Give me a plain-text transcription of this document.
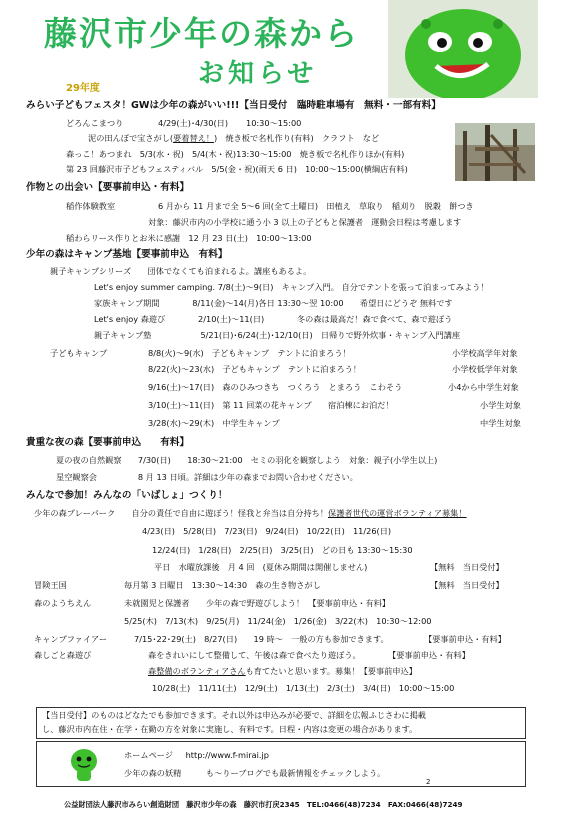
藤沢市少年の森から
お知らせ
29年度
みらい子どもフェスタ！GWは少年の森がいい!!!【当日受付　臨時駐車場有　無料・一部有料】
どろんこまつり	4/29(土)･4/30(日) 10:30～15:00
泥の田んぼで宝さがし(要着替え！)　焼き板で名札作り(有料)　クラフト　など
森っこ！あつまれ　5/3(水・祝)　5/4(木・祝)13:30～15:00　焼き板で名札作りほか(有料)
第 23 回藤沢市子どもフェスティバル　5/5(金・祝)(雨天 6 日)　10:00～15:00(横綱店有料)
作物との出会い【要事前申込・有料】
稲作体験教室	6 月から 11 月まで全 5～6 回(全て土曜日)　田植え　草取り　稲刈り　脱穀　餅つき
対象：藤沢市内の小学校に通う小 3 以上の子どもと保護者　運動会日程は考慮します
稲わらリース作りとお米に感謝　12 月 23 日(土)　10:00～13:00
少年の森はキャンプ基地【要事前申込　有料】
親子キャンプシリーズ　　団体でなくても泊まれるよ。講座もあるよ。
Let's enjoy summer camping. 7/8(土)～9(日)　キャンプ入門。 自分でテントを張って泊まってみよう！
家族キャンプ期間　　　　8/11(金)～14(月)各日 13:30～翌 10:00　　希望日にどうぞ 無料です
Let's enjoy 森遊び　　　　2/10(土)～11(日)　　　　冬の森は最高だ！森で食べて、森で遊ぼう
親子キャンプ塾　　　　　　5/21(日)･6/24(土)･12/10(日)　日帰りで野外炊事・キャンプ入門講座
子どもキャンプ	8/8(火)～9(水)　子どもキャンプ　テントに泊まろう！	小学校高学年対象
8/22(火)～23(水)　子どもキャンプ　テントに泊まろう！	小学校低学年対象
9/16(土)～17(日)　森のひみつきち　つくろう　とまろう　こわそう	小4から中学生対象
3/10(土)～11(日)　第 11 回菜の花キャンプ　　宿泊棟にお泊だ！	小学生対象
3/28(水)～29(木)　中学生キャンプ	中学生対象
貴重な夜の森【要事前申込　　有料】
夏の夜の自然観察　　7/30(日)　　18:30～21:00　セミの羽化を観察しよう　対象：親子(小学生以上)
星空観察会　　　　　8 月 13 日頃。詳細は少年の森までお問い合わせください。
みんなで参加！みんなの「いばしょ」つくり！
少年の森プレーパーク　　自分の責任で自由に遊ぼう！怪我と弁当は自分持ち！保護者世代の運営ボランティア募集！
4/23(日)　5/28(日)　7/23(日)　9/24(日)　10/22(日)　11/26(日)
12/24(日)　1/28(日)　2/25(日)　3/25(日)　どの日も 13:30～15:30
平日　水曜放課後　月 4 回　(夏休み期間は開催しません)	【無料　当日受付】
冒険王国	毎月第 3 日曜日　13:30～14:30　森の生き物さがし	【無料　当日受付】
森のようちえん	未就園児と保護者　　少年の森で野遊びしよう！　【要事前申込・有料】
5/25(木)　7/13(木)　9/25(月)　11/24(金)　1/26(金)　3/22(木)　10:30～12:00
キャンプファイアー	7/15･22･29(土)　8/27(日)　　19 時～　一般の方も参加できます。	【要事前申込・有料】
森しごと森遊び	森をきれいにして整備して、午後は森で食べたり遊ぼう。	【要事前申込・有料】
森整備のボランティアさんも育てたいと思います。募集！【要事前申込】
10/28(土)　11/11(土)　12/9(土)　1/13(土)　2/3(土)　3/4(日)　10:00～15:00
【当日受付】のものはどなたでも参加できます。それ以外は申込みが必要で、詳細を広報ふじさわに掲載
し、藤沢市内在住・在学・在勤の方を対象に実施し、有料です。日程・内容は変更の場合があります。
ホームページ http://www.f-mirai.jp
少年の森の妖精　　　も～りーブログでも最新情報をチェックしよう。
2
公益財団法人藤沢市みらい創造財団　藤沢市少年の森　藤沢市打戻2345　TEL:0466(48)7234　FAX:0466(48)7249
